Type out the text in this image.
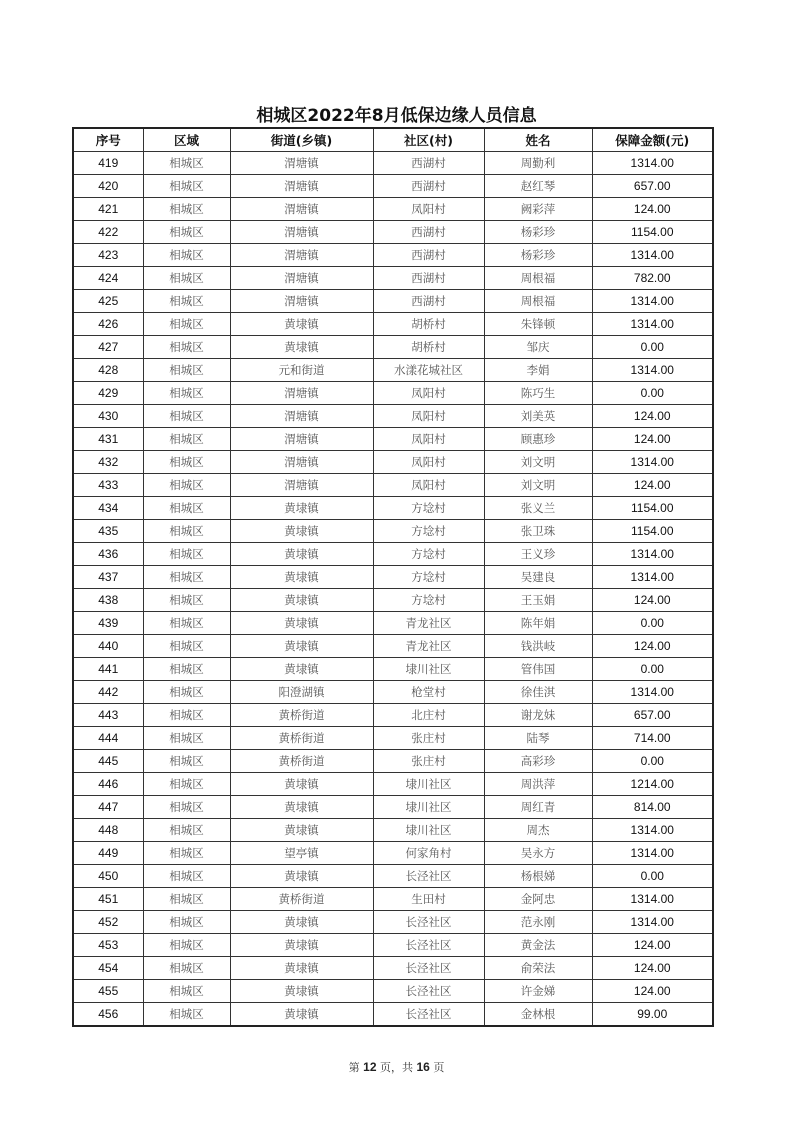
相城区2022年8月低保边缘人员信息
序号	区域	街道(乡镇)	社区(村)	姓名	保障金额(元)
419	相城区	渭塘镇	西湖村	周勤利	1314.00
420	相城区	渭塘镇	西湖村	赵红琴	657.00
421	相城区	渭塘镇	凤阳村	阙彩萍	124.00
422	相城区	渭塘镇	西湖村	杨彩珍	1154.00
423	相城区	渭塘镇	西湖村	杨彩珍	1314.00
424	相城区	渭塘镇	西湖村	周根福	782.00
425	相城区	渭塘镇	西湖村	周根福	1314.00
426	相城区	黄埭镇	胡桥村	朱锋顿	1314.00
427	相城区	黄埭镇	胡桥村	邹庆	0.00
428	相城区	元和街道	水漾花城社区	李娟	1314.00
429	相城区	渭塘镇	凤阳村	陈巧生	0.00
430	相城区	渭塘镇	凤阳村	刘美英	124.00
431	相城区	渭塘镇	凤阳村	顾惠珍	124.00
432	相城区	渭塘镇	凤阳村	刘文明	1314.00
433	相城区	渭塘镇	凤阳村	刘文明	124.00
434	相城区	黄埭镇	方埝村	张义兰	1154.00
435	相城区	黄埭镇	方埝村	张卫珠	1154.00
436	相城区	黄埭镇	方埝村	王义珍	1314.00
437	相城区	黄埭镇	方埝村	吴建良	1314.00
438	相城区	黄埭镇	方埝村	王玉娟	124.00
439	相城区	黄埭镇	青龙社区	陈年娟	0.00
440	相城区	黄埭镇	青龙社区	钱洪岐	124.00
441	相城区	黄埭镇	埭川社区	管伟国	0.00
442	相城区	阳澄湖镇	枪堂村	徐佳淇	1314.00
443	相城区	黄桥街道	北庄村	谢龙妹	657.00
444	相城区	黄桥街道	张庄村	陆琴	714.00
445	相城区	黄桥街道	张庄村	高彩珍	0.00
446	相城区	黄埭镇	埭川社区	周洪萍	1214.00
447	相城区	黄埭镇	埭川社区	周红青	814.00
448	相城区	黄埭镇	埭川社区	周杰	1314.00
449	相城区	望亭镇	何家角村	吴永方	1314.00
450	相城区	黄埭镇	长泾社区	杨根娣	0.00
451	相城区	黄桥街道	生田村	金阿忠	1314.00
452	相城区	黄埭镇	长泾社区	范永刚	1314.00
453	相城区	黄埭镇	长泾社区	黄金法	124.00
454	相城区	黄埭镇	长泾社区	俞荣法	124.00
455	相城区	黄埭镇	长泾社区	许金娣	124.00
456	相城区	黄埭镇	长泾社区	金林根	99.00
第 12 页，共 16 页
